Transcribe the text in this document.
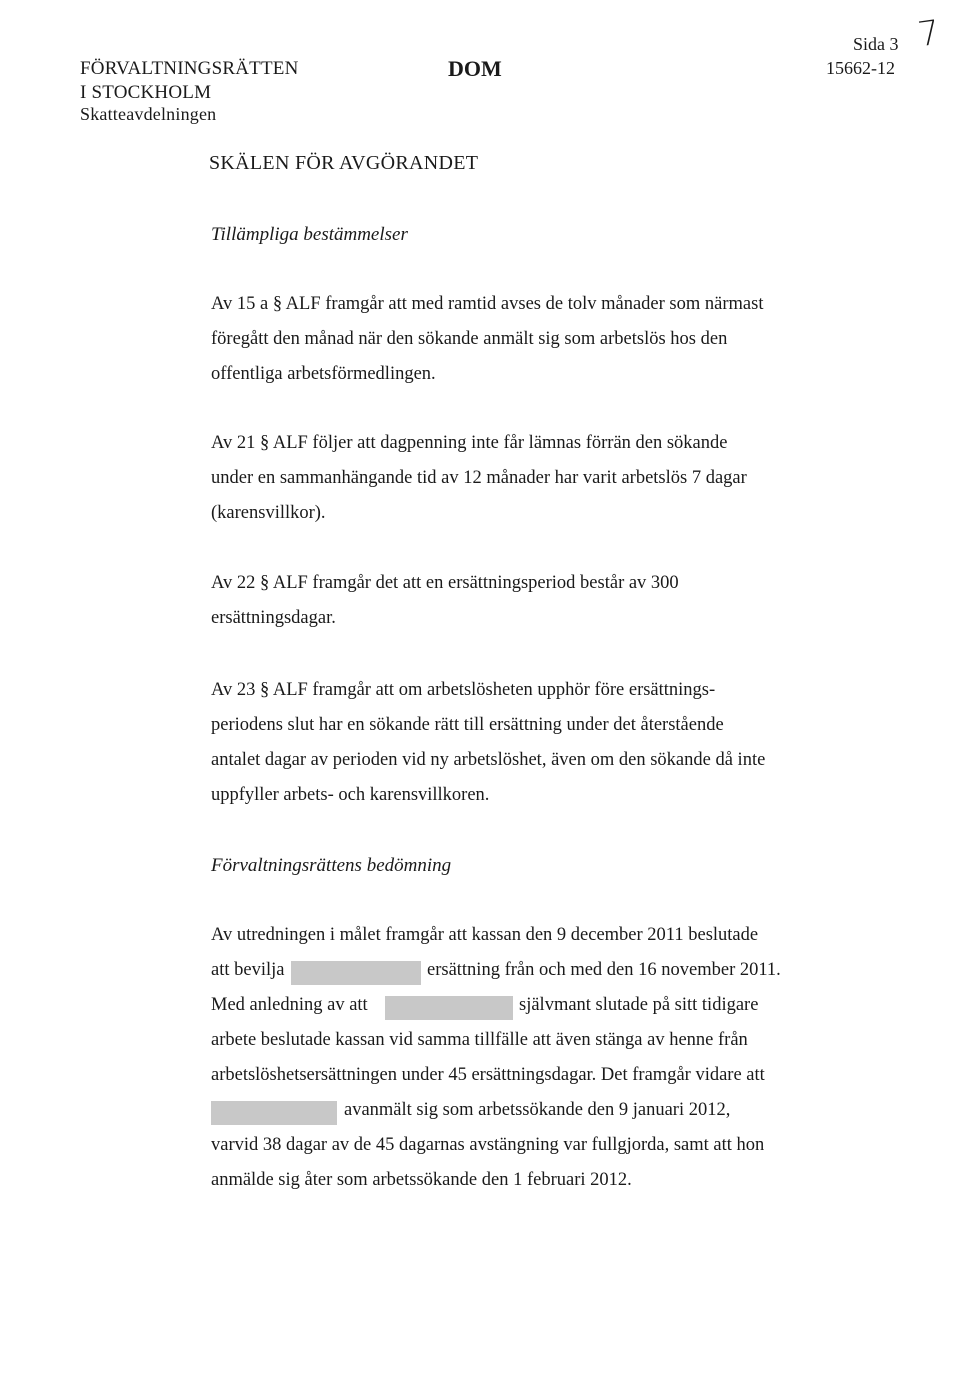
FÖRVALTNINGSRÄTTEN
I STOCKHOLM
Skatteavdelningen
DOM
Sida 3
15662-12
7
SKÄLEN FÖR AVGÖRANDET
Tillämpliga bestämmelser
Av 15 a § ALF framgår att med ramtid avses de tolv månader som närmast
föregått den månad när den sökande anmält sig som arbetslös hos den
offentliga arbetsförmedlingen.
Av 21 § ALF följer att dagpenning inte får lämnas förrän den sökande
under en sammanhängande tid av 12 månader har varit arbetslös 7 dagar
(karensvillkor).
Av 22 § ALF framgår det att en ersättningsperiod består av 300
ersättningsdagar.
Av 23 § ALF framgår att om arbetslösheten upphör före ersättnings-
periodens slut har en sökande rätt till ersättning under det återstående
antalet dagar av perioden vid ny arbetslöshet, även om den sökande då inte
uppfyller arbets- och karensvillkoren.
Förvaltningsrättens bedömning
Av utredningen i målet framgår att kassan den 9 december 2011 beslutade
att bevilja	ersättning från och med den 16 november 2011.
Med anledning av att	självmant slutade på sitt tidigare
arbete beslutade kassan vid samma tillfälle att även stänga av henne från
arbetslöshetsersättningen under 45 ersättningsdagar. Det framgår vidare att
avanmält sig som arbetssökande den 9 januari 2012,
varvid 38 dagar av de 45 dagarnas avstängning var fullgjorda, samt att hon
anmälde sig åter som arbetssökande den 1 februari 2012.
